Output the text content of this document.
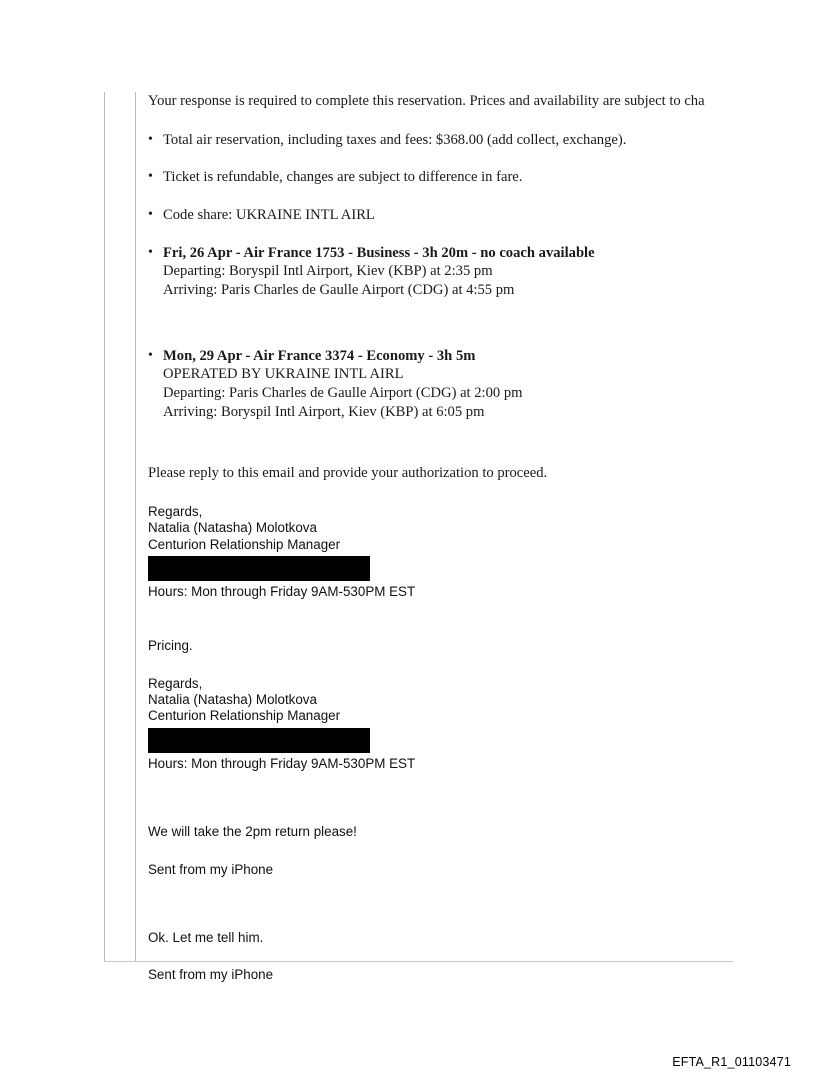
Your response is required to complete this reservation. Prices and availability are subject to cha

• Total air reservation, including taxes and fees: $368.00 (add collect, exchange).
• Ticket is refundable, changes are subject to difference in fare.
• Code share: UKRAINE INTL AIRL
• Fri, 26 Apr - Air France 1753 - Business - 3h 20m - no coach available
Departing: Boryspil Intl Airport, Kiev (KBP) at 2:35 pm
Arriving: Paris Charles de Gaulle Airport (CDG) at 4:55 pm
• Mon, 29 Apr - Air France 3374 - Economy - 3h 5m
OPERATED BY UKRAINE INTL AIRL
Departing: Paris Charles de Gaulle Airport (CDG) at 2:00 pm
Arriving: Boryspil Intl Airport, Kiev (KBP) at 6:05 pm

Please reply to this email and provide your authorization to proceed.

Regards,
Natalia (Natasha) Molotkova
Centurion Relationship Manager
Hours: Mon through Friday 9AM-530PM EST
Pricing.
Regards,
Natalia (Natasha) Molotkova
Centurion Relationship Manager
Hours: Mon through Friday 9AM-530PM EST
We will take the 2pm return please!
Sent from my iPhone
Ok. Let me tell him.
Sent from my iPhone
EFTA_R1_01103471
